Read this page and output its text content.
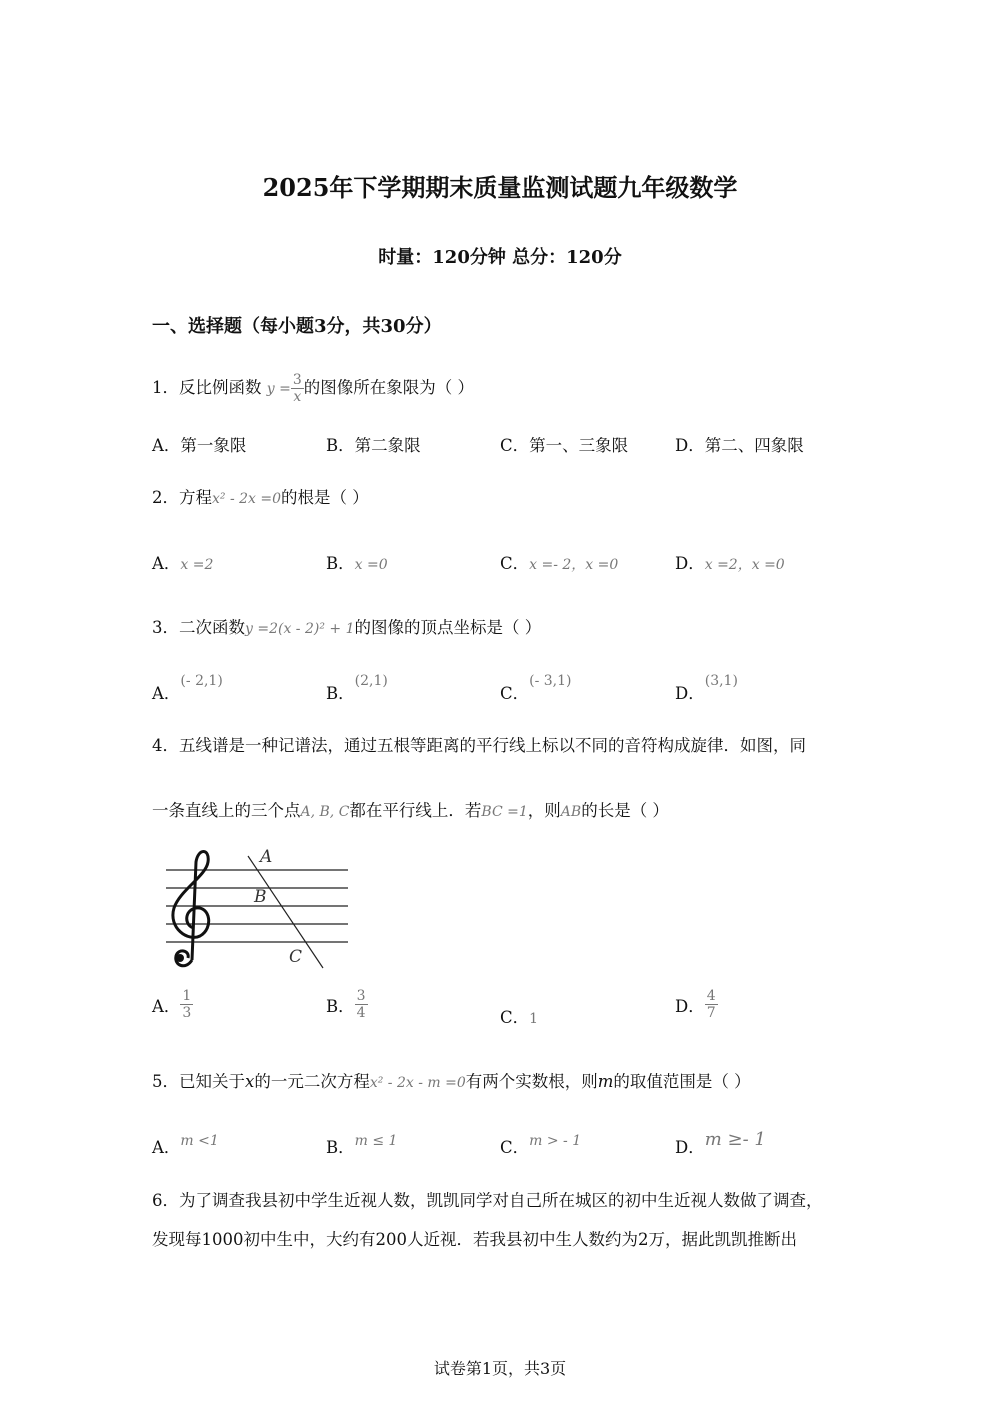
2025年下学期期末质量监测试题九年级数学
时量：120分钟 总分：120分
一、选择题（每小题3分，共30分）
1．反比例函数 $y = \frac{3}{x}$ 的图像所在象限为（ ）
A．第一象限	B．第二象限	C．第一、三象限	D．第二、四象限
2．方程x² - 2x =0的根是（ ）
A．x =2	B．x =0	C．x =- 2，x =0	D．x =2，x =0
3．二次函数y =2(x - 2)² + 1的图像的顶点坐标是（ ）
A．$^{(- 2,1)}$
B．$^{(2,1)}$
C．$^{(- 3,1)}$
D．$^{(3,1)}$
4．五线谱是一种记谱法，通过五根等距离的平行线上标以不同的音符构成旋律．如图，同
一条直线上的三个点A, B, C都在平行线上．若BC =1，则AB的长是（ ）
A
B
C
A． $\frac{1}{3}$	B． $\frac{3}{4}$	C．1
D． $\frac{4}{7}$
5．已知关于x的一元二次方程x² - 2x - m =0有两个实数根，则m的取值范围是（ ）
A．$^{m <1}$	B．$^{m \le 1}$	C．$^{m > - 1}$	D．m ≥- 1
6．为了调查我县初中学生近视人数，凯凯同学对自己所在城区的初中生近视人数做了调查，
发现每1000初中生中，大约有200人近视．若我县初中生人数约为2万，据此凯凯推断出
试卷第1页，共3页
